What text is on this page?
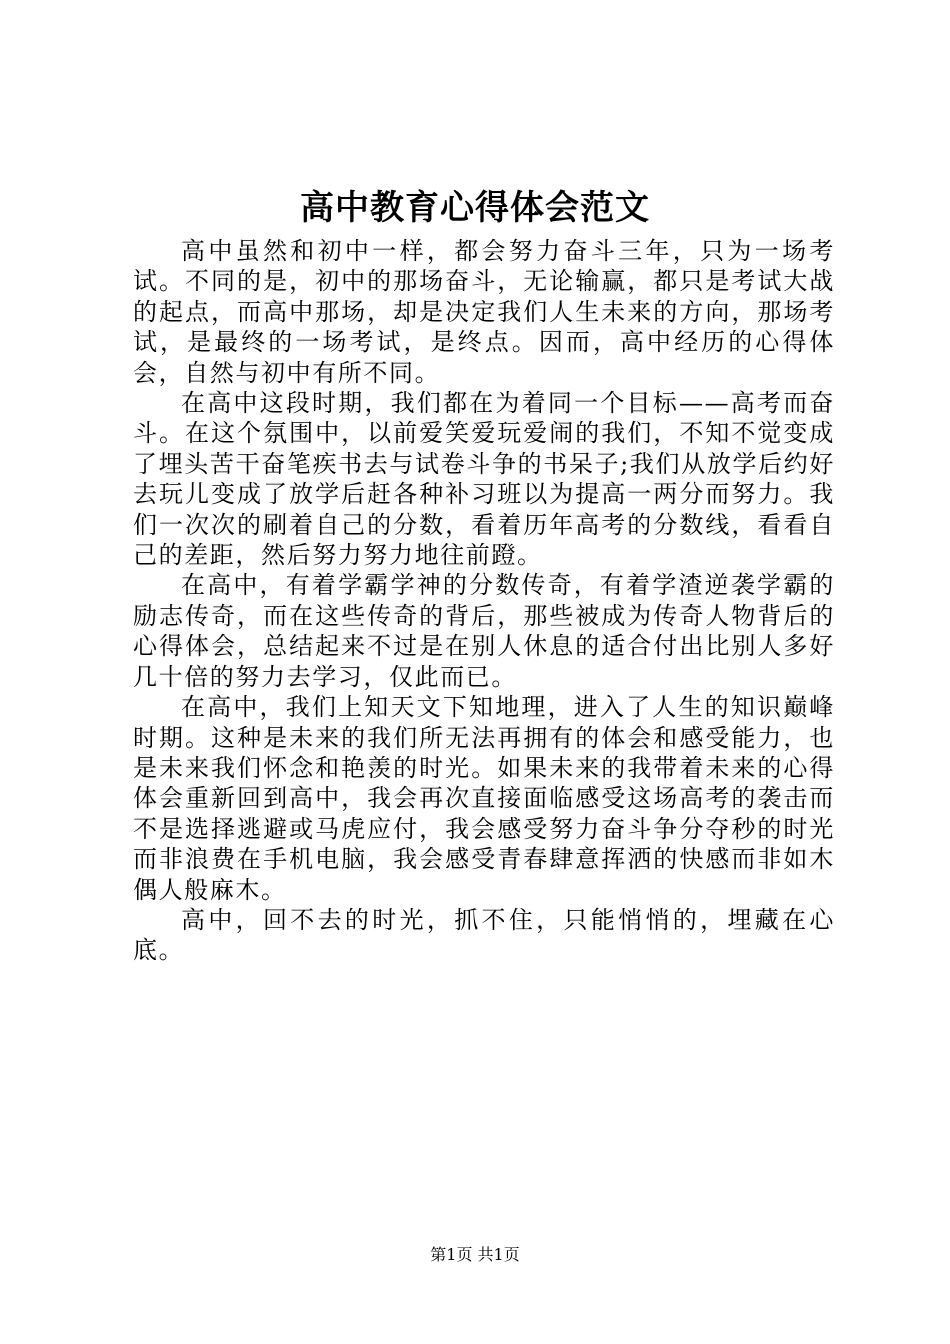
高中教育心得体会范文

高中虽然和初中一样，都会努力奋斗三年，只为一场考试。不同的是，初中的那场奋斗，无论输赢，都只是考试大战的起点，而高中那场，却是决定我们人生未来的方向，那场考试，是最终的一场考试，是终点。因而，高中经历的心得体会，自然与初中有所不同。

在高中这段时期，我们都在为着同一个目标——高考而奋斗。在这个氛围中，以前爱笑爱玩爱闹的我们，不知不觉变成了埋头苦干奋笔疾书去与试卷斗争的书呆子;我们从放学后约好去玩儿变成了放学后赶各种补习班以为提高一两分而努力。我们一次次的刷着自己的分数，看着历年高考的分数线，看看自己的差距，然后努力努力地往前蹬。

在高中，有着学霸学神的分数传奇，有着学渣逆袭学霸的励志传奇，而在这些传奇的背后，那些被成为传奇人物背后的心得体会，总结起来不过是在别人休息的适合付出比别人多好几十倍的努力去学习，仅此而已。

在高中，我们上知天文下知地理，进入了人生的知识巅峰时期。这种是未来的我们所无法再拥有的体会和感受能力，也是未来我们怀念和艳羡的时光。如果未来的我带着未来的心得体会重新回到高中，我会再次直接面临感受这场高考的袭击而不是选择逃避或马虎应付，我会感受努力奋斗争分夺秒的时光而非浪费在手机电脑，我会感受青春肆意挥洒的快感而非如木偶人般麻木。

高中，回不去的时光，抓不住，只能悄悄的，埋藏在心底。

第1页 共1页
